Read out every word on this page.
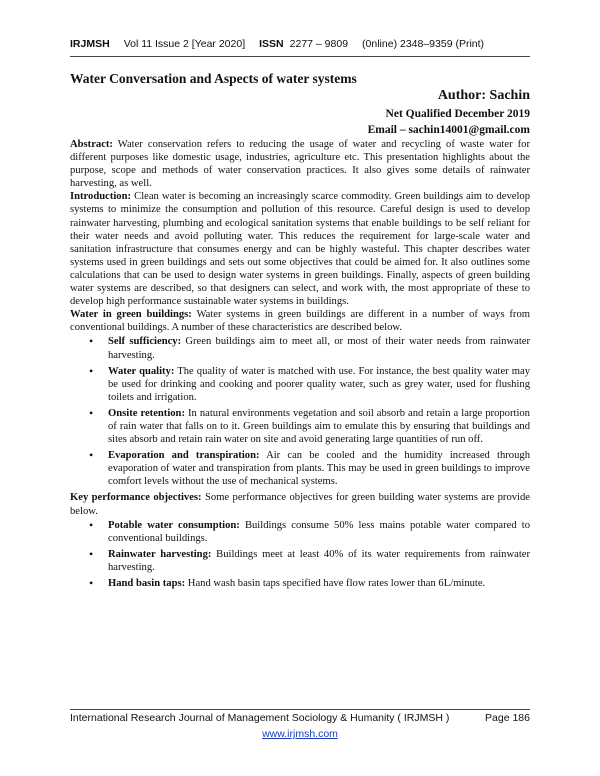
IRJMSH Vol 11 Issue 2 [Year 2020] ISSN 2277 – 9809 (0nline) 2348–9359 (Print)
Water Conversation and Aspects of water systems
Author: Sachin
Net Qualified December 2019
Email – sachin14001@gmail.com

Abstract: Water conservation refers to reducing the usage of water and recycling of waste water for different purposes like domestic usage, industries, agriculture etc. This presentation highlights about the purpose, scope and methods of water conservation practices. It also gives some details of rainwater harvesting, as well.

Introduction: Clean water is becoming an increasingly scarce commodity. Green buildings aim to develop systems to minimize the consumption and pollution of this resource. Careful design is used to develop rainwater harvesting, plumbing and ecological sanitation systems that enable buildings to be self reliant for their water needs and avoid polluting water. This reduces the requirement for large-scale water and sanitation infrastructure that consumes energy and can be highly wasteful. This chapter describes water systems used in green buildings and sets out some objectives that could be aimed for. It also outlines some calculations that can be used to design water systems in green buildings. Finally, aspects of green building water systems are described, so that designers can select, and work with, the most appropriate of these to develop high performance sustainable water systems in buildings.

Water in green buildings: Water systems in green buildings are different in a number of ways from conventional buildings. A number of these characteristics are described below.

• Self sufficiency: Green buildings aim to meet all, or most of their water needs from rainwater harvesting.
• Water quality: The quality of water is matched with use. For instance, the best quality water may be used for drinking and cooking and poorer quality water, such as grey water, used for flushing toilets and irrigation.
• Onsite retention: In natural environments vegetation and soil absorb and retain a large proportion of rain water that falls on to it. Green buildings aim to emulate this by ensuring that buildings and sites absorb and retain rain water on site and avoid generating large quantities of run off.
• Evaporation and transpiration: Air can be cooled and the humidity increased through evaporation of water and transpiration from plants. This may be used in green buildings to improve comfort levels without the use of mechanical systems.

Key performance objectives: Some performance objectives for green building water systems are provide below.

• Potable water consumption: Buildings consume 50% less mains potable water compared to conventional buildings.
• Rainwater harvesting: Buildings meet at least 40% of its water requirements from rainwater harvesting.
• Hand basin taps: Hand wash basin taps specified have flow rates lower than 6L/minute.
International Research Journal of Management Sociology & Humanity ( IRJMSH )	Page 186
www.irjmsh.com
